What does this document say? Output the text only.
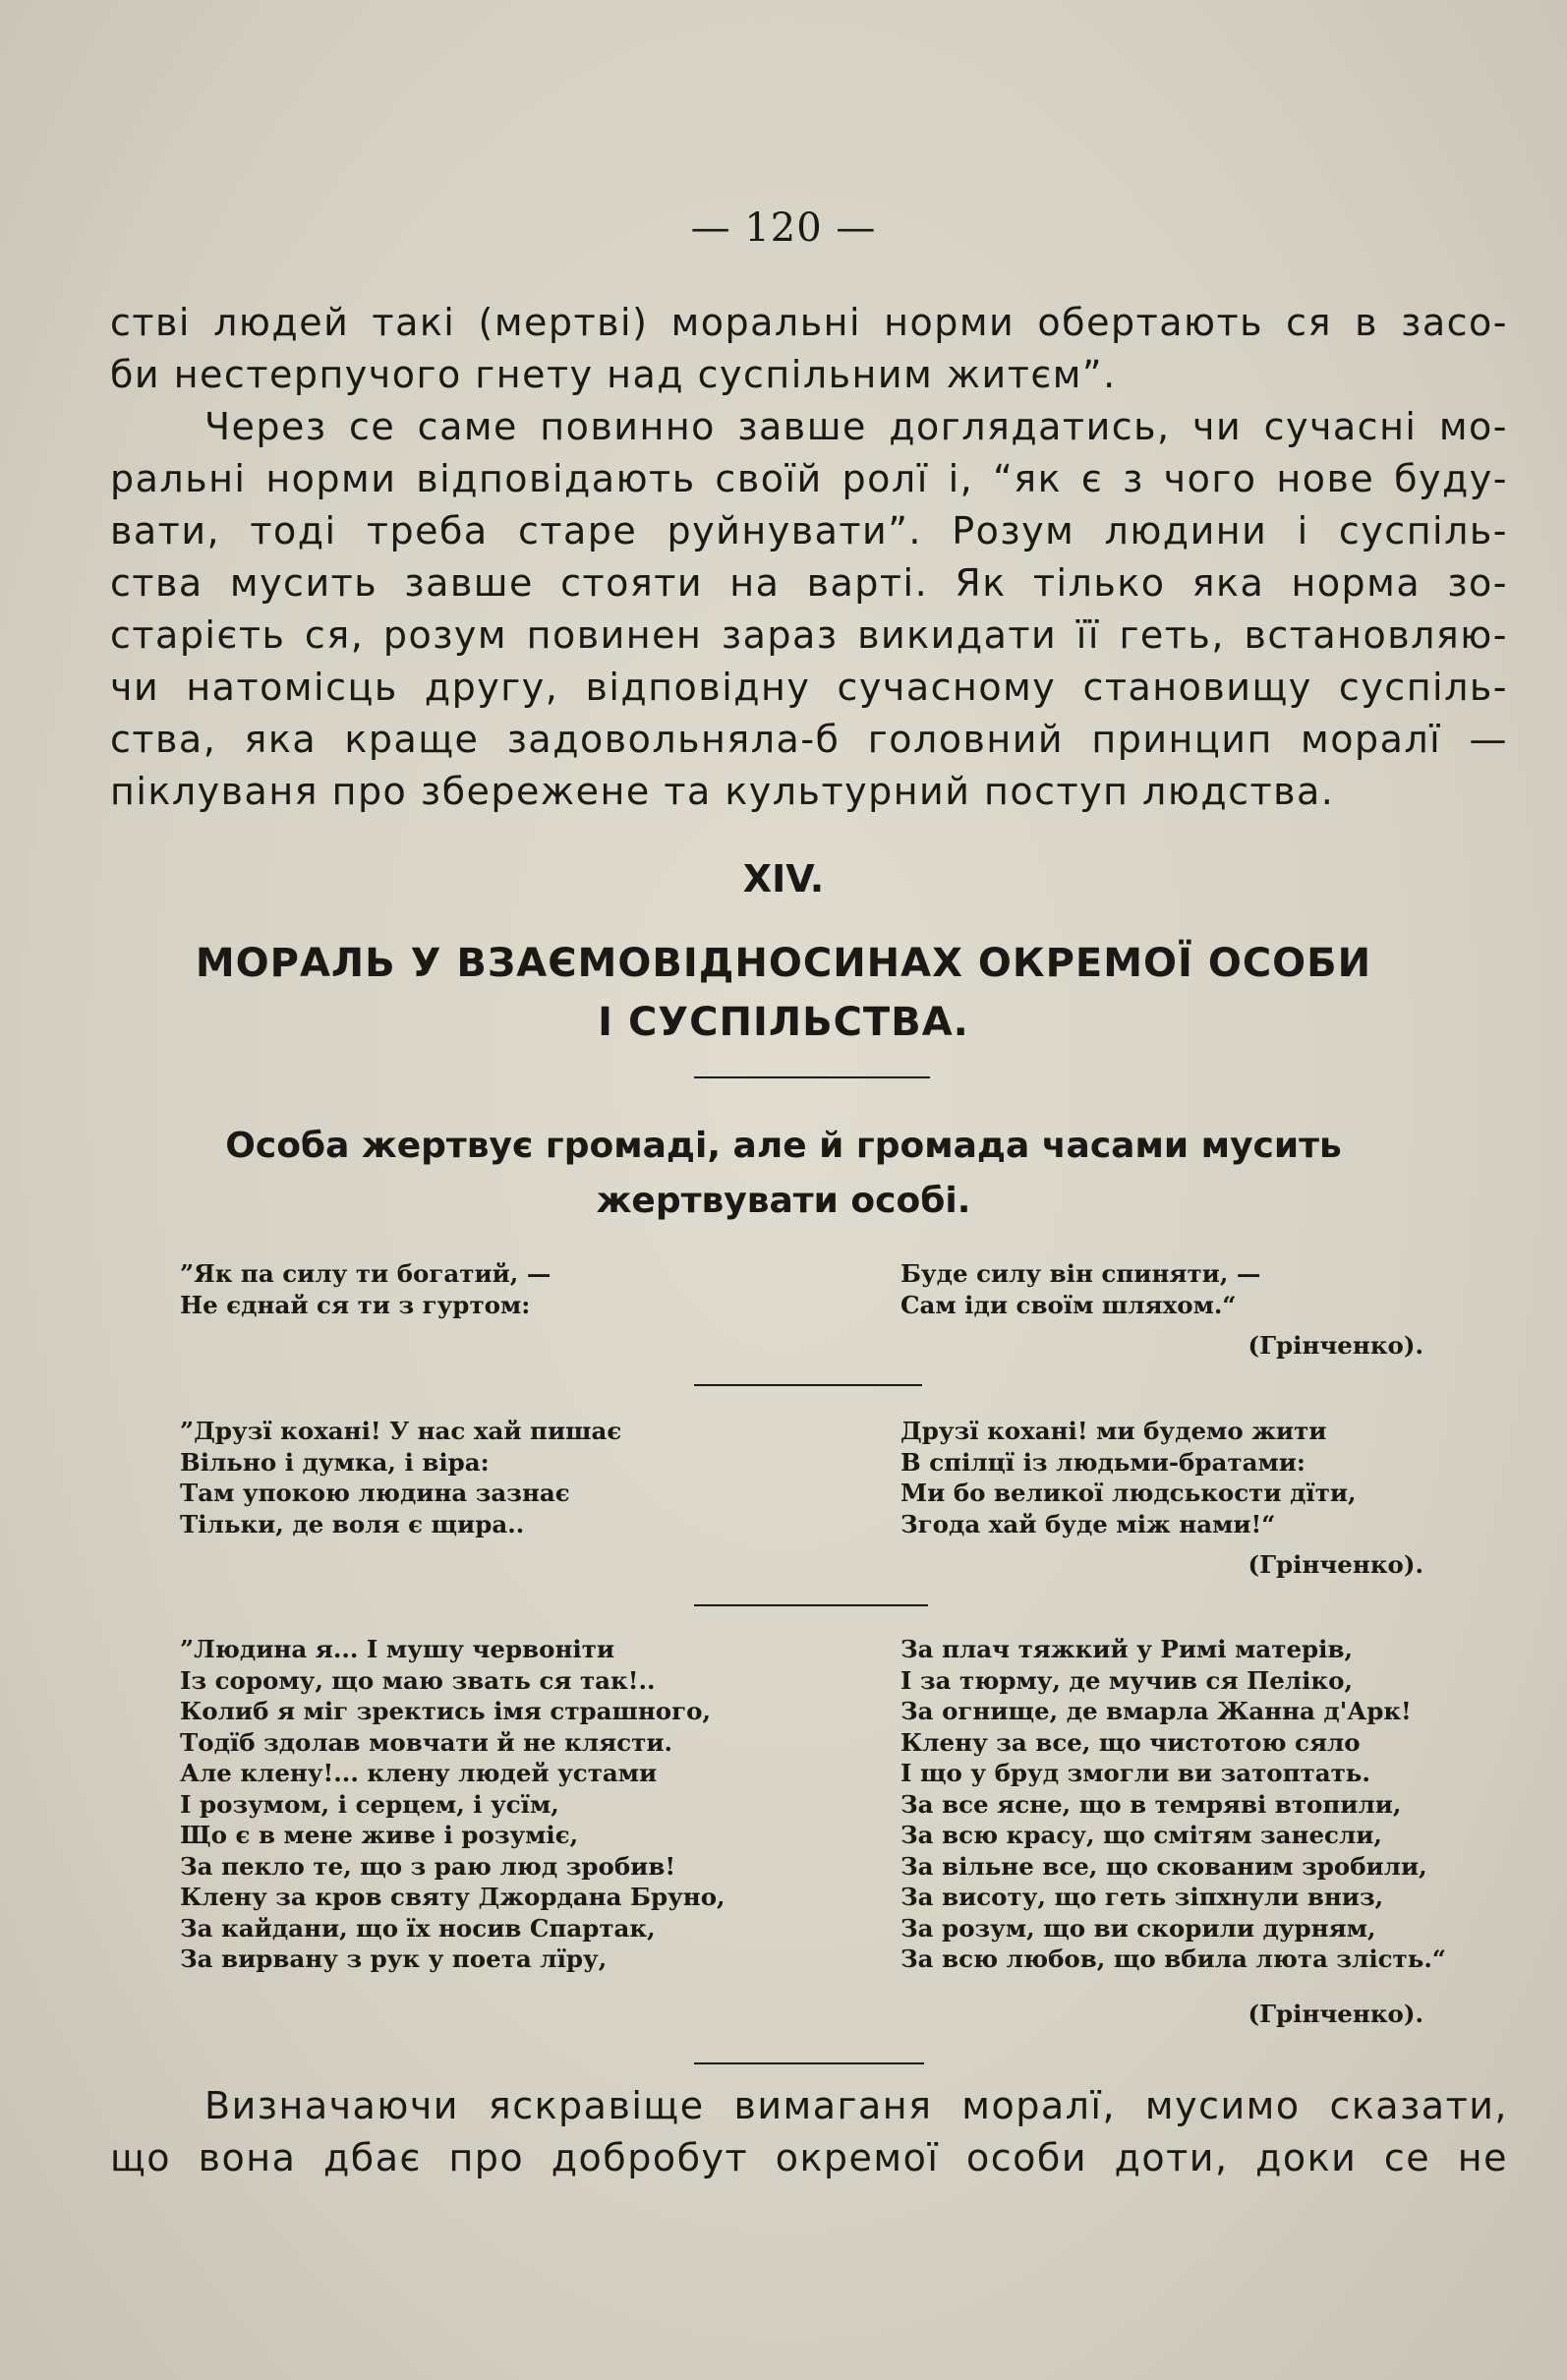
— 120 —
стві людей такі (мертві) моральні норми обертають ся в засо-
би нестерпучого гнету над суспільним житєм”.
Через се саме повинно завше доглядатись, чи сучасні мо-
ральні норми відповідають своїй ролї і, “як є з чого нове буду-
вати, тоді треба старе руйнувати”. Розум людини і суспіль-
ства мусить завше стояти на варті. Як тілько яка норма зо-
старієть ся, розум повинен зараз викидати її геть, встановляю-
чи натомісць другу, відповідну сучасному становищу суспіль-
ства, яка краще задовольняла-б головний принцип моралї —
піклуваня про збережене та культурний поступ людства.
XIV.
МОРАЛЬ У ВЗАЄМОВІДНОСИНАХ ОКРЕМОЇ ОСОБИ
І СУСПІЛЬСТВА.
Особа жертвує громаді, але й громада часами мусить
жертвувати особі.
”Як па силу ти богатий, —
Не єднай ся ти з гуртом:
Буде силу він спиняти, —
Сам іди своїм шляхом.“
(Грінченко).
”Друзї кохані! У нас хай пишає
Вільно і думка, і віра:
Там упокою людина зазнає
Тільки, де воля є щира..
Друзї кохані! ми будемо жити
В спілцї із людьми-братами:
Ми бо великої людськости дїти,
Згода хай буде між нами!“
(Грінченко).
”Людина я... І мушу червоніти
Із сорому, що маю звать ся так!..
Колиб я міг зректись імя страшного,
Тодїб здолав мовчати й не клясти.
Але клену!... клену людей устами
І розумом, і серцем, і усїм,
Що є в мене живе і розуміє,
За пекло те, що з раю люд зробив!
Клену за кров святу Джордана Бруно,
За кайдани, що їх носив Спартак,
За вирвану з рук у поета лїру,
За плач тяжкий у Римі матерів,
І за тюрму, де мучив ся Пеліко,
За огнище, де вмарла Жанна д'Арк!
Клену за все, що чистотою сяло
І що у бруд змогли ви затоптать.
За все ясне, що в темряві втопили,
За всю красу, що смітям занесли,
За вільне все, що скованим зробили,
За висоту, що геть зіпхнули вниз,
За розум, що ви скорили дурням,
За всю любов, що вбила люта злість.“
(Грінченко).
Визначаючи яскравіще вимаганя моралї, мусимо сказати,
що вона дбає про добробут окремої особи доти, доки се не
